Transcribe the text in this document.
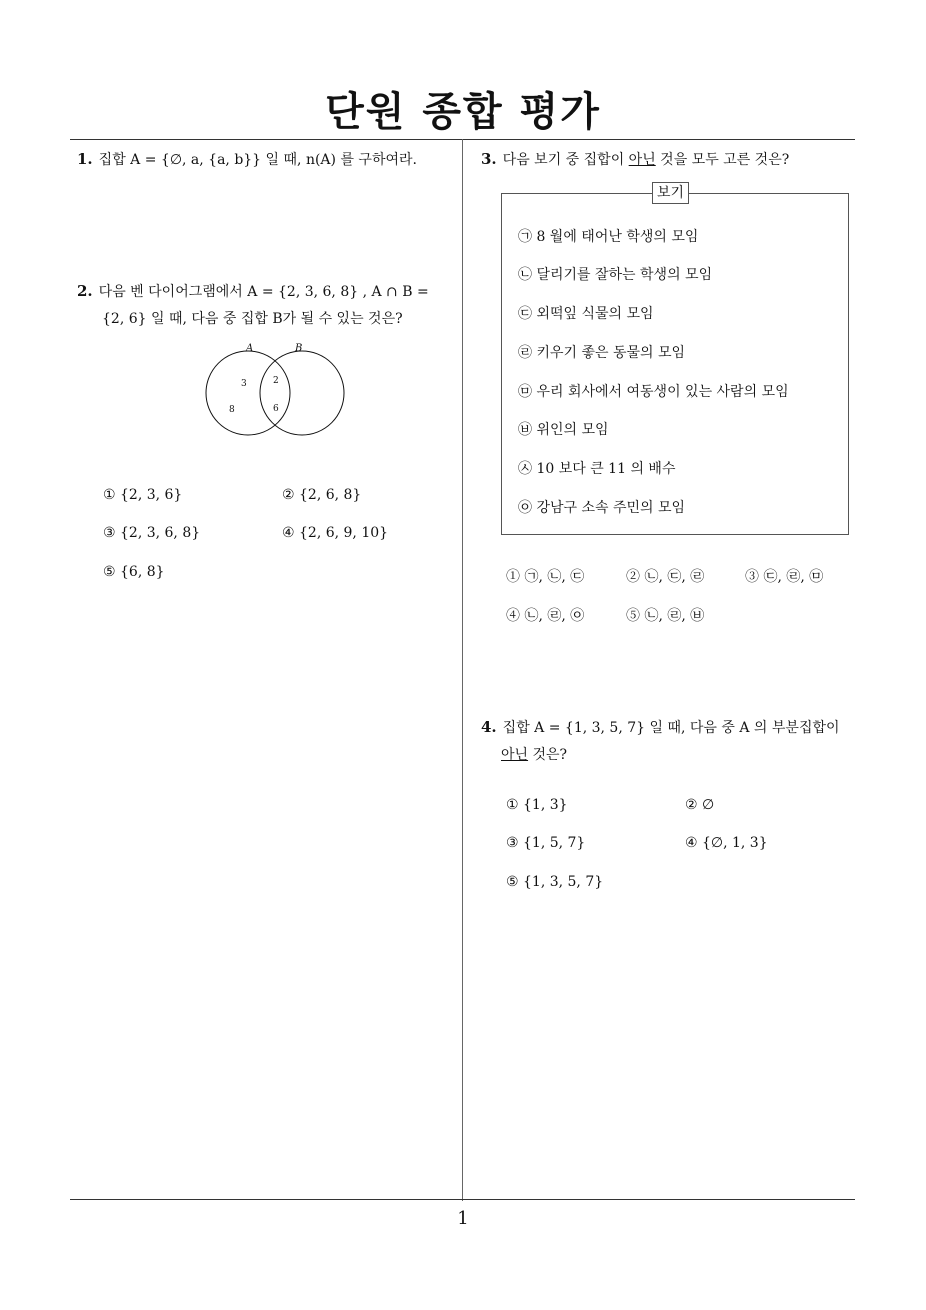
단원 종합 평가
1
1. 집합 A = {∅, a, {a, b}} 일 때, n(A) 를 구하여라.
2. 다음 벤 다이어그램에서 A = {2, 3, 6, 8} , A ∩ B =
{2, 6} 일 때, 다음 중 집합 B가 될 수 있는 것은?
A	B
3	2
8	6
① {2, 3, 6}	② {2, 6, 8}
③ {2, 3, 6, 8}	④ {2, 6, 9, 10}
⑤ {6, 8}
3. 다음 보기 중 집합이 아닌 것을 모두 고른 것은?
보기
㉠ 8 월에 태어난 학생의 모임
㉡ 달리기를 잘하는 학생의 모임
㉢ 외떡잎 식물의 모임
㉣ 키우기 좋은 동물의 모임
㉤ 우리 회사에서 여동생이 있는 사람의 모임
㉥ 위인의 모임
㉦ 10 보다 큰 11 의 배수
㉧ 강남구 소속 주민의 모임
① ㉠, ㉡, ㉢	② ㉡, ㉢, ㉣	③ ㉢, ㉣, ㉤
④ ㉡, ㉣, ㉧	⑤ ㉡, ㉣, ㉥
4. 집합 A = {1, 3, 5, 7} 일 때, 다음 중 A 의 부분집합이
아닌 것은?
① {1, 3}	② ∅
③ {1, 5, 7}	④ {∅, 1, 3}
⑤ {1, 3, 5, 7}
